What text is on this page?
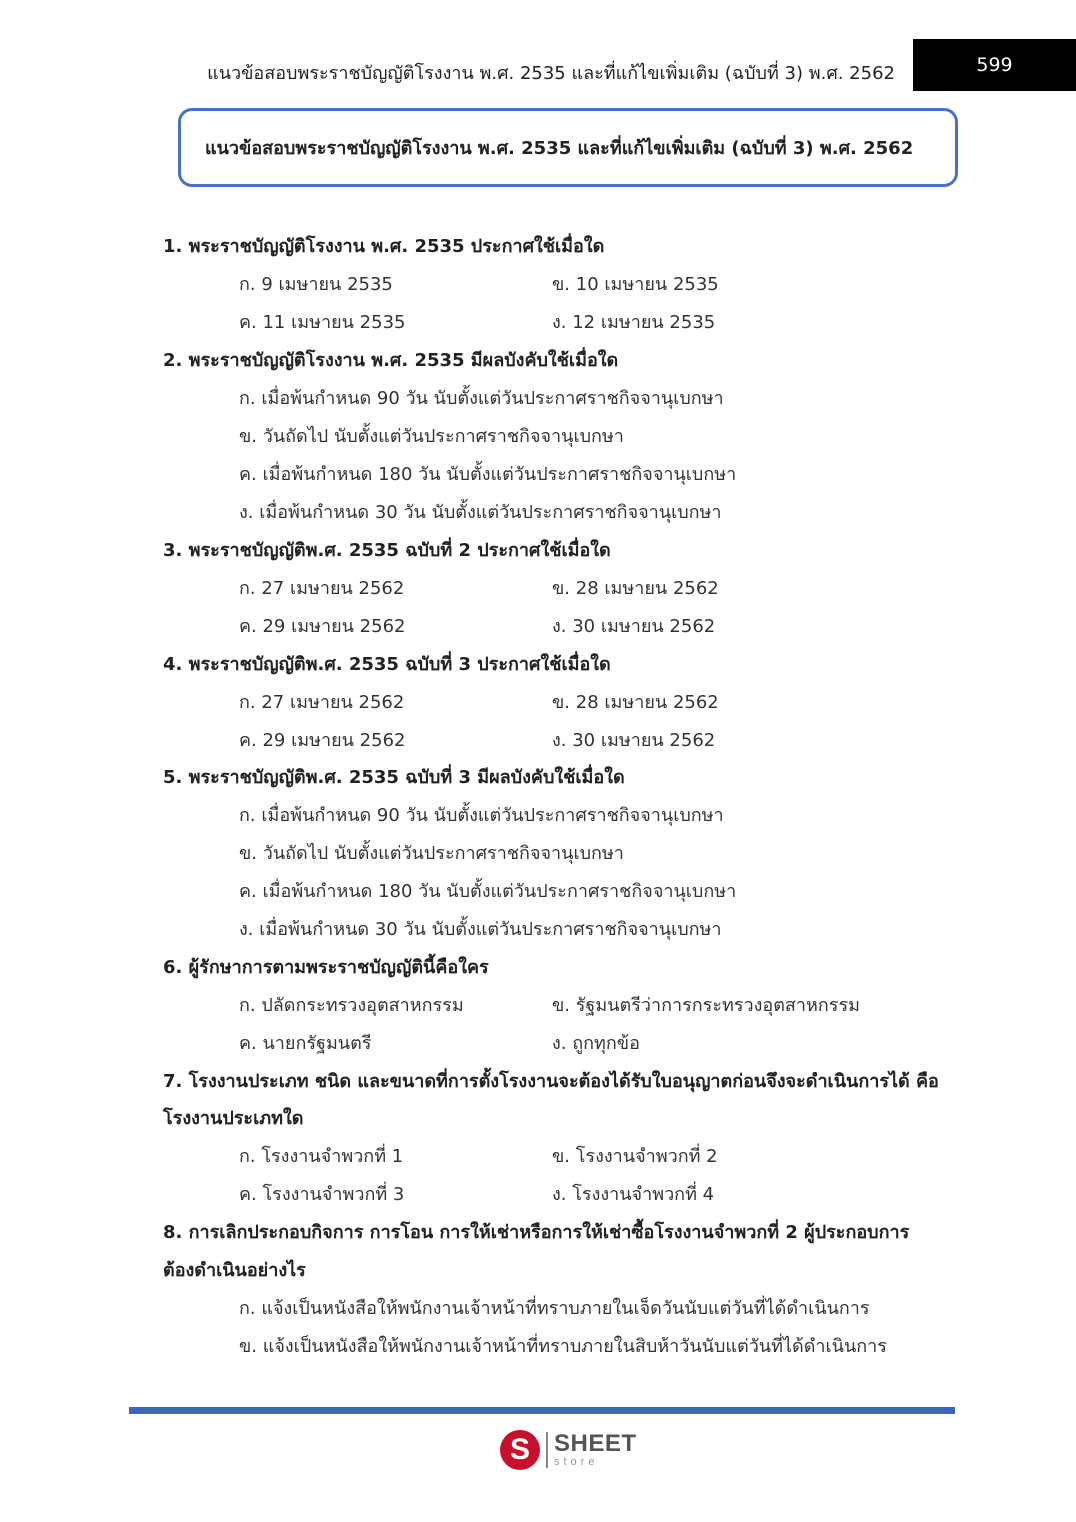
แนวข้อสอบพระราชบัญญัติโรงงาน พ.ศ. 2535 และที่แก้ไขเพิ่มเติม (ฉบับที่ 3) พ.ศ. 2562	599
แนวข้อสอบพระราชบัญญัติโรงงาน พ.ศ. 2535 และที่แก้ไขเพิ่มเติม (ฉบับที่ 3) พ.ศ. 2562
1. พระราชบัญญัติโรงงาน พ.ศ. 2535 ประกาศใช้เมื่อใด
ก. 9 เมษายน 2535	ข. 10 เมษายน 2535
ค. 11 เมษายน 2535	ง. 12 เมษายน 2535
2. พระราชบัญญัติโรงงาน พ.ศ. 2535 มีผลบังคับใช้เมื่อใด
ก. เมื่อพ้นกำหนด 90 วัน นับตั้งแต่วันประกาศราชกิจจานุเบกษา
ข. วันถัดไป นับตั้งแต่วันประกาศราชกิจจานุเบกษา
ค. เมื่อพ้นกำหนด 180 วัน นับตั้งแต่วันประกาศราชกิจจานุเบกษา
ง. เมื่อพ้นกำหนด 30 วัน นับตั้งแต่วันประกาศราชกิจจานุเบกษา
3. พระราชบัญญัติพ.ศ. 2535 ฉบับที่ 2 ประกาศใช้เมื่อใด
ก. 27 เมษายน 2562	ข. 28 เมษายน 2562
ค. 29 เมษายน 2562	ง. 30 เมษายน 2562
4. พระราชบัญญัติพ.ศ. 2535 ฉบับที่ 3 ประกาศใช้เมื่อใด
ก. 27 เมษายน 2562	ข. 28 เมษายน 2562
ค. 29 เมษายน 2562	ง. 30 เมษายน 2562
5. พระราชบัญญัติพ.ศ. 2535 ฉบับที่ 3 มีผลบังคับใช้เมื่อใด
ก. เมื่อพ้นกำหนด 90 วัน นับตั้งแต่วันประกาศราชกิจจานุเบกษา
ข. วันถัดไป นับตั้งแต่วันประกาศราชกิจจานุเบกษา
ค. เมื่อพ้นกำหนด 180 วัน นับตั้งแต่วันประกาศราชกิจจานุเบกษา
ง. เมื่อพ้นกำหนด 30 วัน นับตั้งแต่วันประกาศราชกิจจานุเบกษา
6. ผู้รักษาการตามพระราชบัญญัตินี้คือใคร
ก. ปลัดกระทรวงอุตสาหกรรม	ข. รัฐมนตรีว่าการกระทรวงอุตสาหกรรม
ค. นายกรัฐมนตรี	ง. ถูกทุกข้อ
7. โรงงานประเภท ชนิด และขนาดที่การตั้งโรงงานจะต้องได้รับใบอนุญาตก่อนจึงจะดำเนินการได้ คือ
โรงงานประเภทใด
ก. โรงงานจำพวกที่ 1	ข. โรงงานจำพวกที่ 2
ค. โรงงานจำพวกที่ 3	ง. โรงงานจำพวกที่ 4
8. การเลิกประกอบกิจการ การโอน การให้เช่าหรือการให้เช่าซื้อโรงงานจำพวกที่ 2 ผู้ประกอบการ
ต้องดำเนินอย่างไร
ก. แจ้งเป็นหนังสือให้พนักงานเจ้าหน้าที่ทราบภายในเจ็ดวันนับแต่วันที่ได้ดำเนินการ
ข. แจ้งเป็นหนังสือให้พนักงานเจ้าหน้าที่ทราบภายในสิบห้าวันนับแต่วันที่ได้ดำเนินการ
S	SHEET
store
